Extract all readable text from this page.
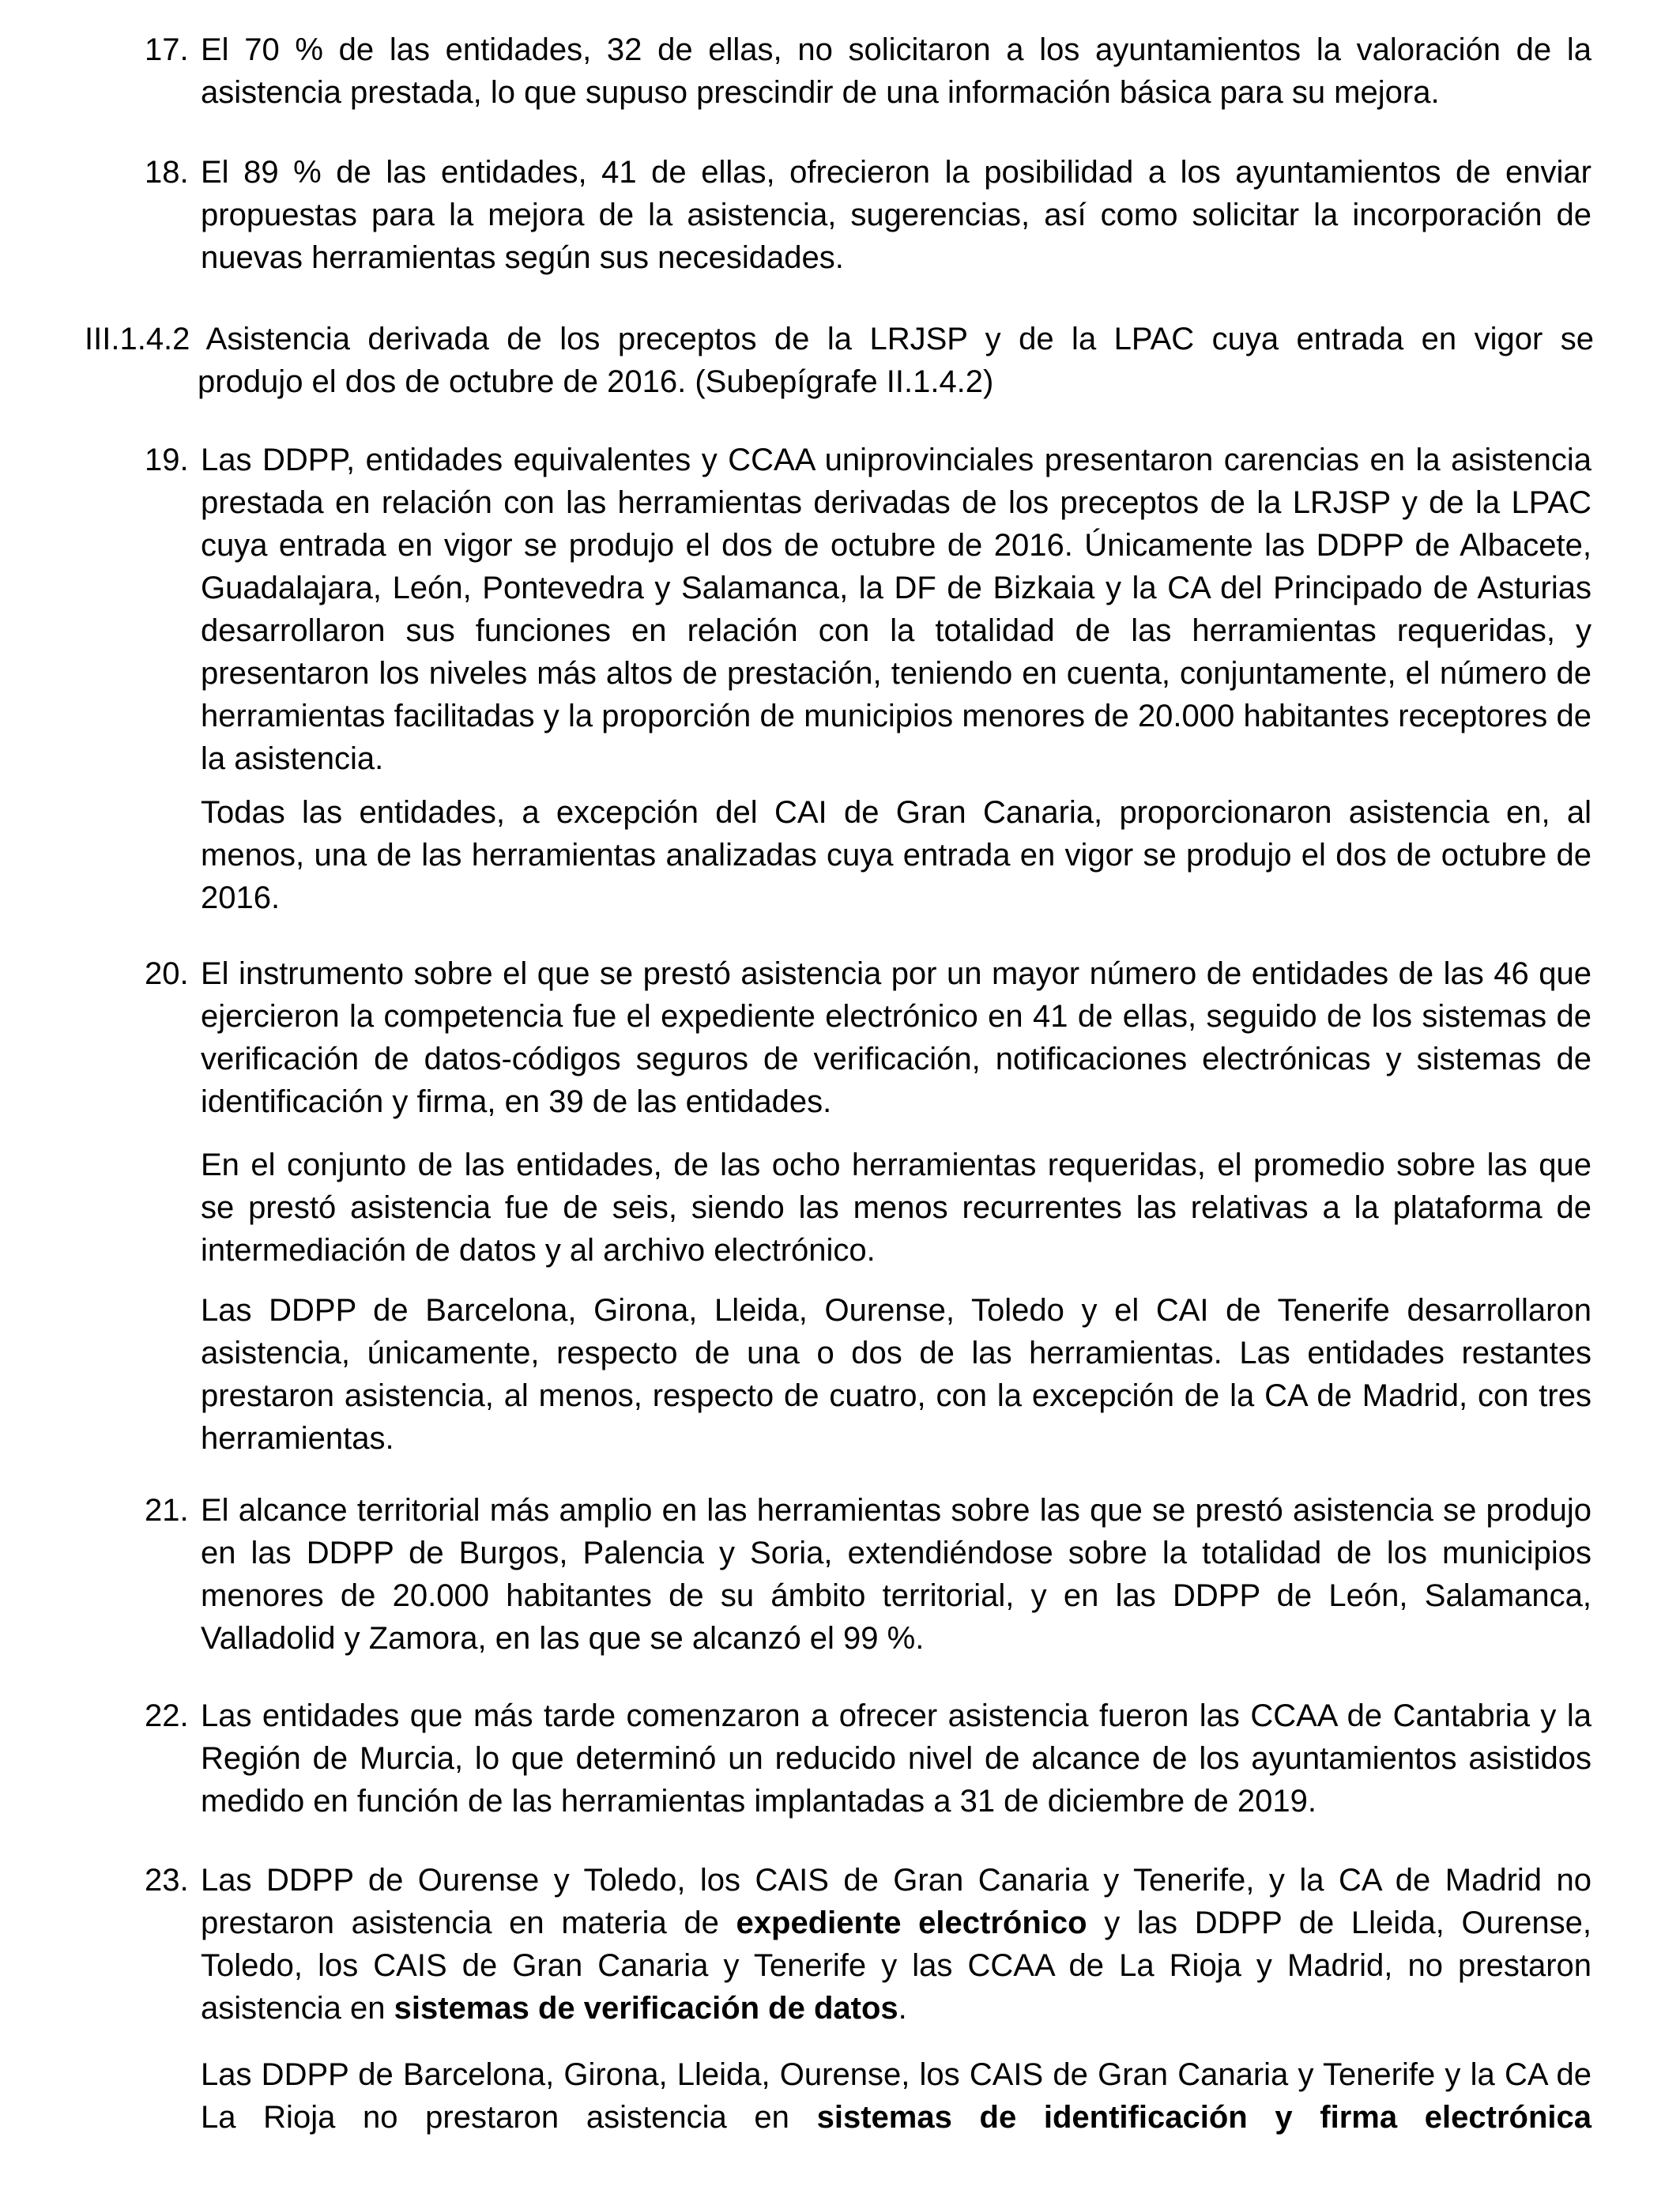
17. El 70 % de las entidades, 32 de ellas, no solicitaron a los ayuntamientos la valoración de la asistencia prestada, lo que supuso prescindir de una información básica para su mejora.

18. El 89 % de las entidades, 41 de ellas, ofrecieron la posibilidad a los ayuntamientos de enviar propuestas para la mejora de la asistencia, sugerencias, así como solicitar la incorporación de nuevas herramientas según sus necesidades.

III.1.4.2 Asistencia derivada de los preceptos de la LRJSP y de la LPAC cuya entrada en vigor se

produjo el dos de octubre de 2016. (Subepígrafe II.1.4.2)

19. Las DDPP, entidades equivalentes y CCAA uniprovinciales presentaron carencias en la asistencia prestada en relación con las herramientas derivadas de los preceptos de la LRJSP y de la LPAC cuya entrada en vigor se produjo el dos de octubre de 2016. Únicamente las DDPP de Albacete, Guadalajara, León, Pontevedra y Salamanca, la DF de Bizkaia y la CA del Principado de Asturias desarrollaron sus funciones en relación con la totalidad de las herramientas requeridas, y presentaron los niveles más altos de prestación, teniendo en cuenta, conjuntamente, el número de herramientas facilitadas y la proporción de municipios menores de 20.000 habitantes receptores de la asistencia.

Todas las entidades, a excepción del CAI de Gran Canaria, proporcionaron asistencia en, al menos, una de las herramientas analizadas cuya entrada en vigor se produjo el dos de octubre de 2016.

20. El instrumento sobre el que se prestó asistencia por un mayor número de entidades de las 46 que ejercieron la competencia fue el expediente electrónico en 41 de ellas, seguido de los sistemas de verificación de datos-códigos seguros de verificación, notificaciones electrónicas y sistemas de identificación y firma, en 39 de las entidades.

En el conjunto de las entidades, de las ocho herramientas requeridas, el promedio sobre las que se prestó asistencia fue de seis, siendo las menos recurrentes las relativas a la plataforma de intermediación de datos y al archivo electrónico.

Las DDPP de Barcelona, Girona, Lleida, Ourense, Toledo y el CAI de Tenerife desarrollaron asistencia, únicamente, respecto de una o dos de las herramientas. Las entidades restantes prestaron asistencia, al menos, respecto de cuatro, con la excepción de la CA de Madrid, con tres herramientas.

21. El alcance territorial más amplio en las herramientas sobre las que se prestó asistencia se produjo en las DDPP de Burgos, Palencia y Soria, extendiéndose sobre la totalidad de los municipios menores de 20.000 habitantes de su ámbito territorial, y en las DDPP de León, Salamanca, Valladolid y Zamora, en las que se alcanzó el 99 %.

22. Las entidades que más tarde comenzaron a ofrecer asistencia fueron las CCAA de Cantabria y la Región de Murcia, lo que determinó un reducido nivel de alcance de los ayuntamientos asistidos medido en función de las herramientas implantadas a 31 de diciembre de 2019.

23. Las DDPP de Ourense y Toledo, los CAIS de Gran Canaria y Tenerife, y la CA de Madrid no prestaron asistencia en materia de expediente electrónico y las DDPP de Lleida, Ourense, Toledo, los CAIS de Gran Canaria y Tenerife y las CCAA de La Rioja y Madrid, no prestaron asistencia en sistemas de verificación de datos.

Las DDPP de Barcelona, Girona, Lleida, Ourense, los CAIS de Gran Canaria y Tenerife y la CA de La Rioja no prestaron asistencia en sistemas de identificación y firma electrónica
